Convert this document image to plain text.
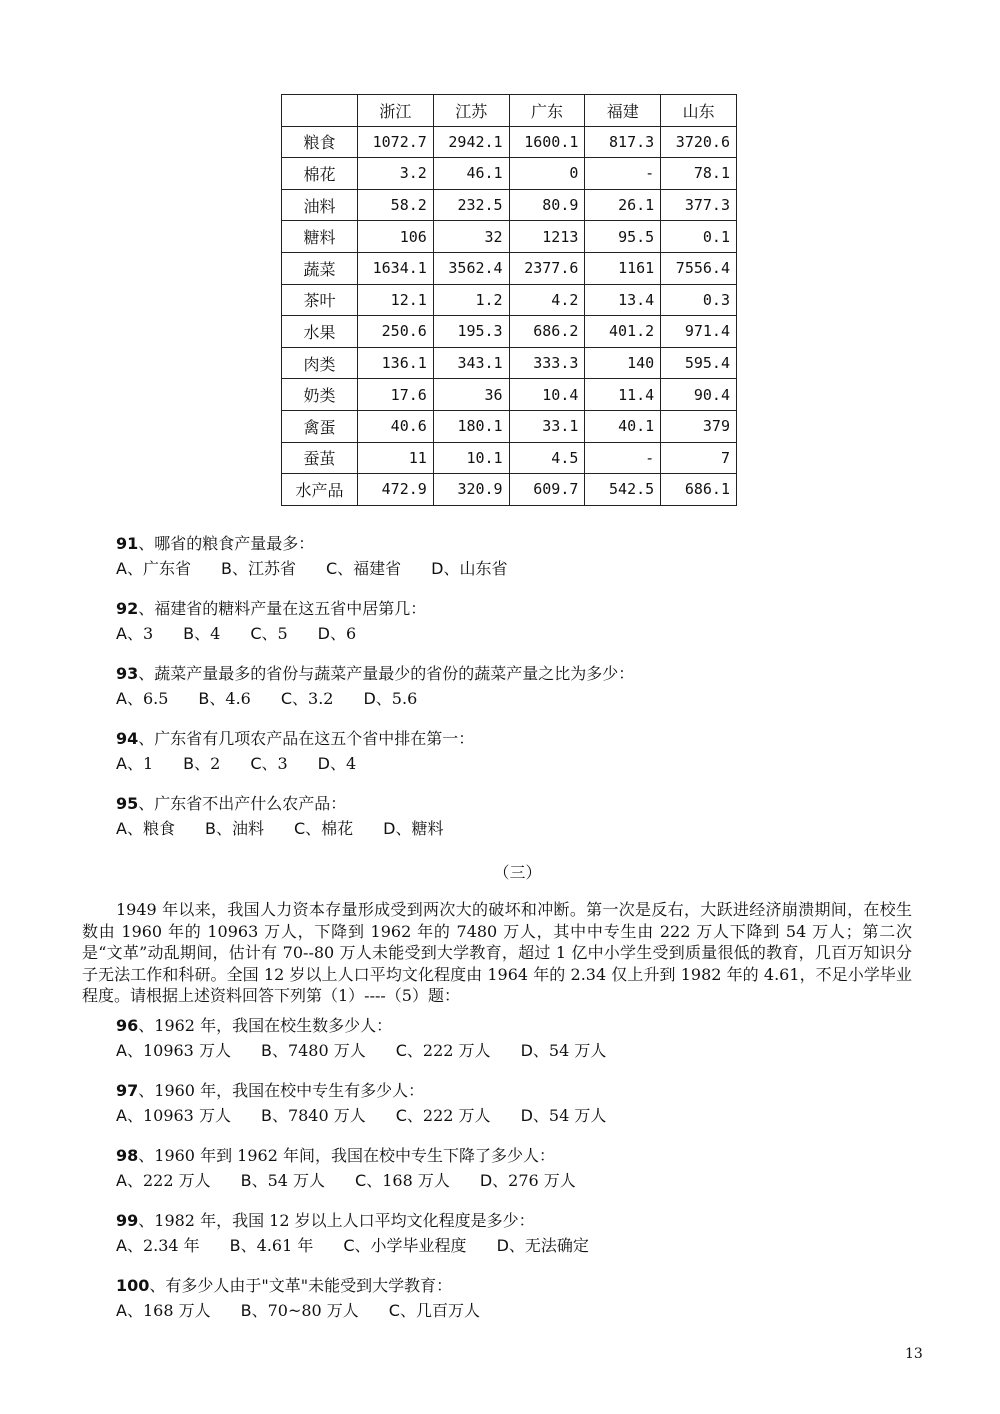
	浙江	江苏	广东	福建	山东
粮食	1072.7	2942.1	1600.1	817.3	3720.6
棉花	3.2	46.1	0	-	78.1
油料	58.2	232.5	80.9	26.1	377.3
糖料	106	32	1213	95.5	0.1
蔬菜	1634.1	3562.4	2377.6	1161	7556.4
茶叶	12.1	1.2	4.2	13.4	0.3
水果	250.6	195.3	686.2	401.2	971.4
肉类	136.1	343.1	333.3	140	595.4
奶类	17.6	36	10.4	11.4	90.4
禽蛋	40.6	180.1	33.1	40.1	379
蚕茧	11	10.1	4.5	-	7
水产品	472.9	320.9	609.7	542.5	686.1
91、哪省的粮食产量最多：
A、广东省 B、江苏省 C、福建省 D、山东省
92、福建省的糖料产量在这五省中居第几：
A、3 B、4 C、5 D、6
93、蔬菜产量最多的省份与蔬菜产量最少的省份的蔬菜产量之比为多少：
A、6.5 B、4.6 C、3.2 D、5.6
94、广东省有几项农产品在这五个省中排在第一：
A、1 B、2 C、3 D、4
95、广东省不出产什么农产品：
A、粮食 B、油料 C、棉花 D、糖料
（三）
1949 年以来，我国人力资本存量形成受到两次大的破坏和冲断。第一次是反右，大跃进经济崩溃期间，在校生数由 1960 年的 10963 万人，下降到 1962 年的 7480 万人，其中中专生由 222 万人下降到 54 万人；第二次是“文革”动乱期间，估计有 70--80 万人未能受到大学教育，超过 1 亿中小学生受到质量很低的教育，几百万知识分子无法工作和科研。全国 12 岁以上人口平均文化程度由 1964 年的 2.34 仅上升到 1982 年的 4.61，不足小学毕业程度。请根据上述资料回答下列第（1）----（5）题：
96、1962 年，我国在校生数多少人：
A、10963 万人 B、7480 万人 C、222 万人 D、54 万人
97、1960 年，我国在校中专生有多少人：
A、10963 万人 B、7840 万人 C、222 万人 D、54 万人
98、1960 年到 1962 年间，我国在校中专生下降了多少人：
A、222 万人 B、54 万人 C、168 万人 D、276 万人
99、1982 年，我国 12 岁以上人口平均文化程度是多少：
A、2.34 年 B、4.61 年 C、小学毕业程度 D、无法确定
100、有多少人由于"文革"未能受到大学教育：
A、168 万人 B、70~80 万人 C、几百万人
13
